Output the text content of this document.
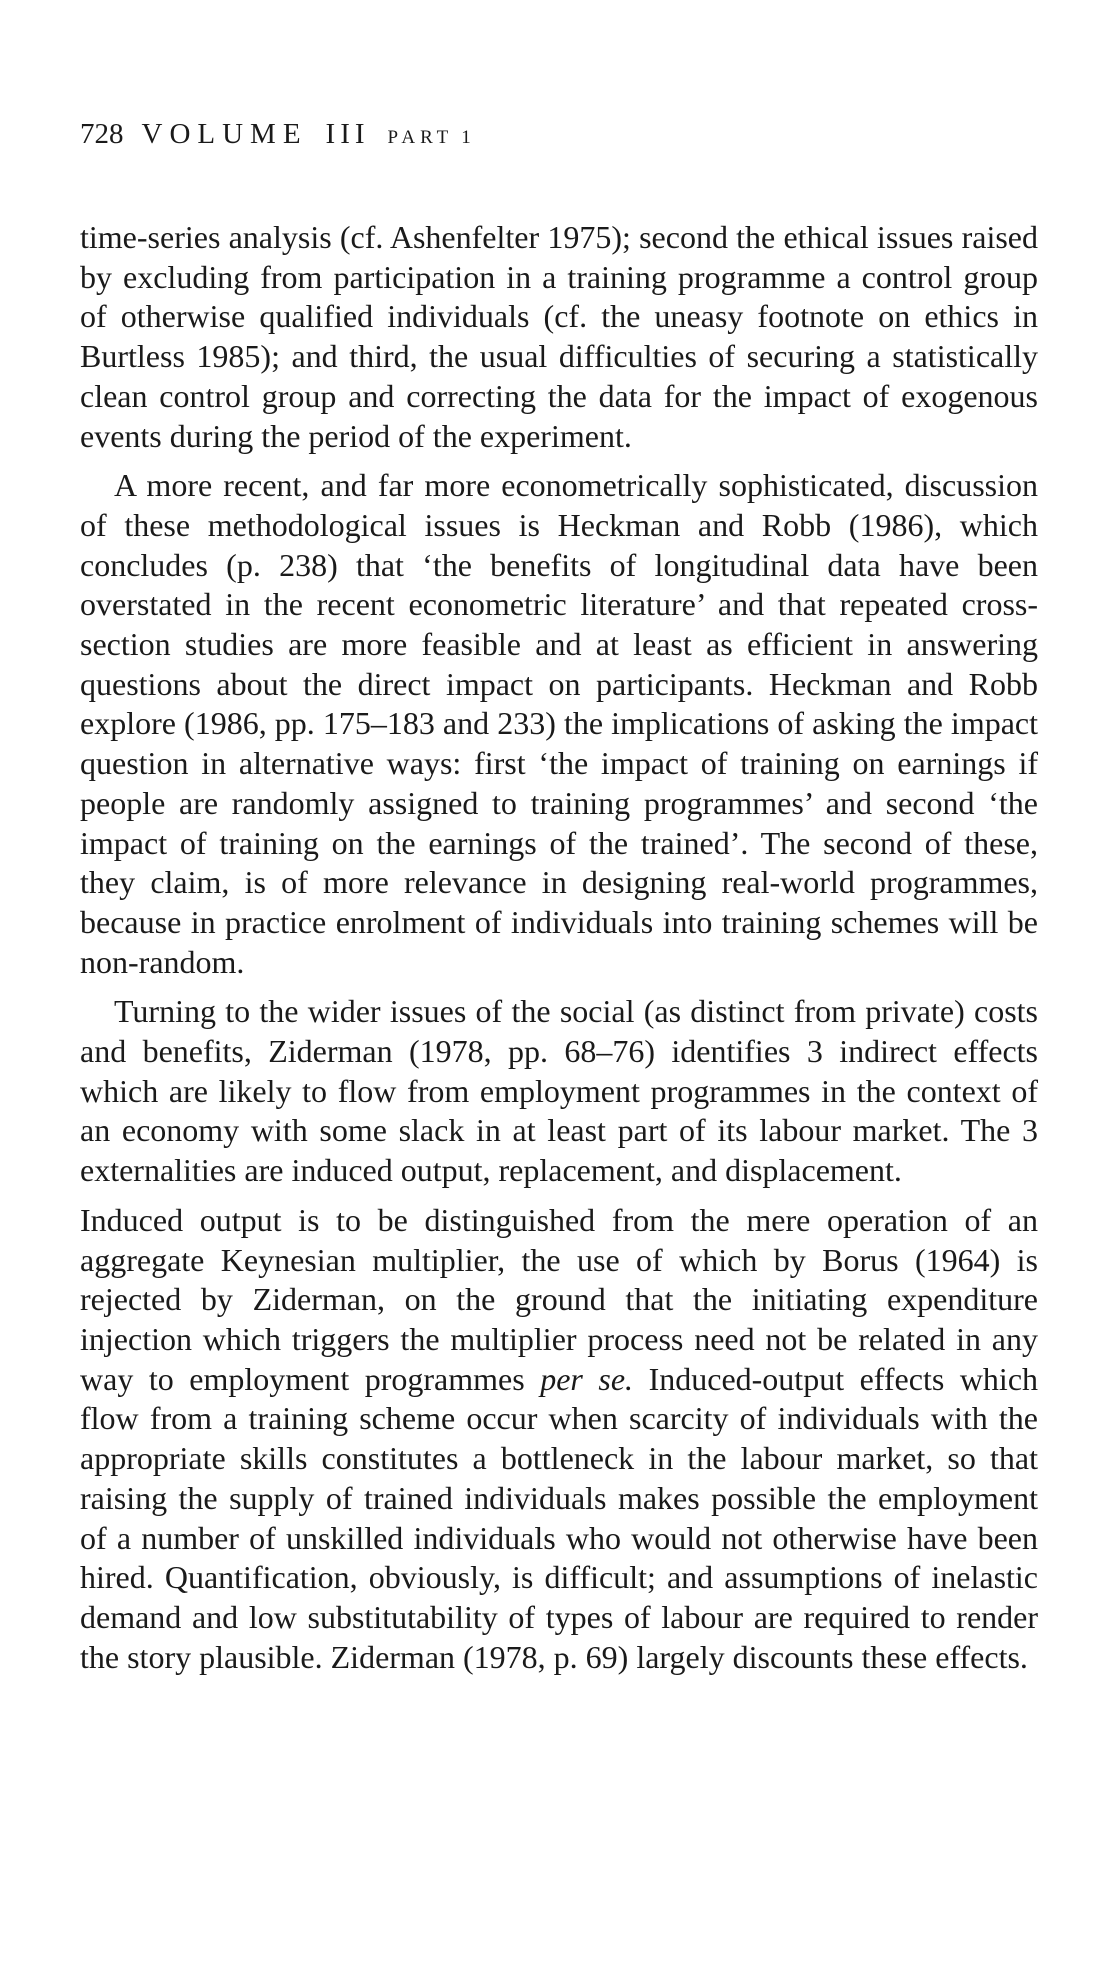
728 VOLUME III PART 1

time-series analysis (cf. Ashenfelter 1975); second the ethical issues raised by excluding from participation in a training programme a control group of otherwise qualified individuals (cf. the uneasy footnote on ethics in Burtless 1985); and third, the usual difficulties of securing a statistically clean control group and correcting the data for the impact of exogenous events during the period of the experiment.

A more recent, and far more econometrically sophisticated, discussion of these methodological issues is Heckman and Robb (1986), which concludes (p. 238) that ‘the benefits of longitudinal data have been overstated in the recent econometric literature’ and that repeated cross-section studies are more feasible and at least as efficient in answering questions about the direct impact on participants. Heckman and Robb explore (1986, pp. 175–183 and 233) the implications of asking the impact question in alternative ways: first ‘the impact of training on earnings if people are randomly assigned to training programmes’ and second ‘the impact of training on the earnings of the trained’. The second of these, they claim, is of more relevance in designing real-world programmes, because in practice enrolment of individuals into training schemes will be non-random.

Turning to the wider issues of the social (as distinct from private) costs and benefits, Ziderman (1978, pp. 68–76) identifies 3 indirect effects which are likely to flow from employment programmes in the context of an economy with some slack in at least part of its labour market. The 3 externalities are induced output, replacement, and displacement.

Induced output is to be distinguished from the mere operation of an aggregate Keynesian multiplier, the use of which by Borus (1964) is rejected by Ziderman, on the ground that the initiating expenditure injection which triggers the multiplier process need not be related in any way to employment programmes per se. Induced-output effects which flow from a training scheme occur when scarcity of individuals with the appropriate skills constitutes a bottleneck in the labour market, so that raising the supply of trained individuals makes possible the employment of a number of unskilled individuals who would not otherwise have been hired. Quantification, obviously, is difficult; and assumptions of inelastic demand and low substitutability of types of labour are required to render the story plausible. Ziderman (1978, p. 69) largely discounts these effects.
